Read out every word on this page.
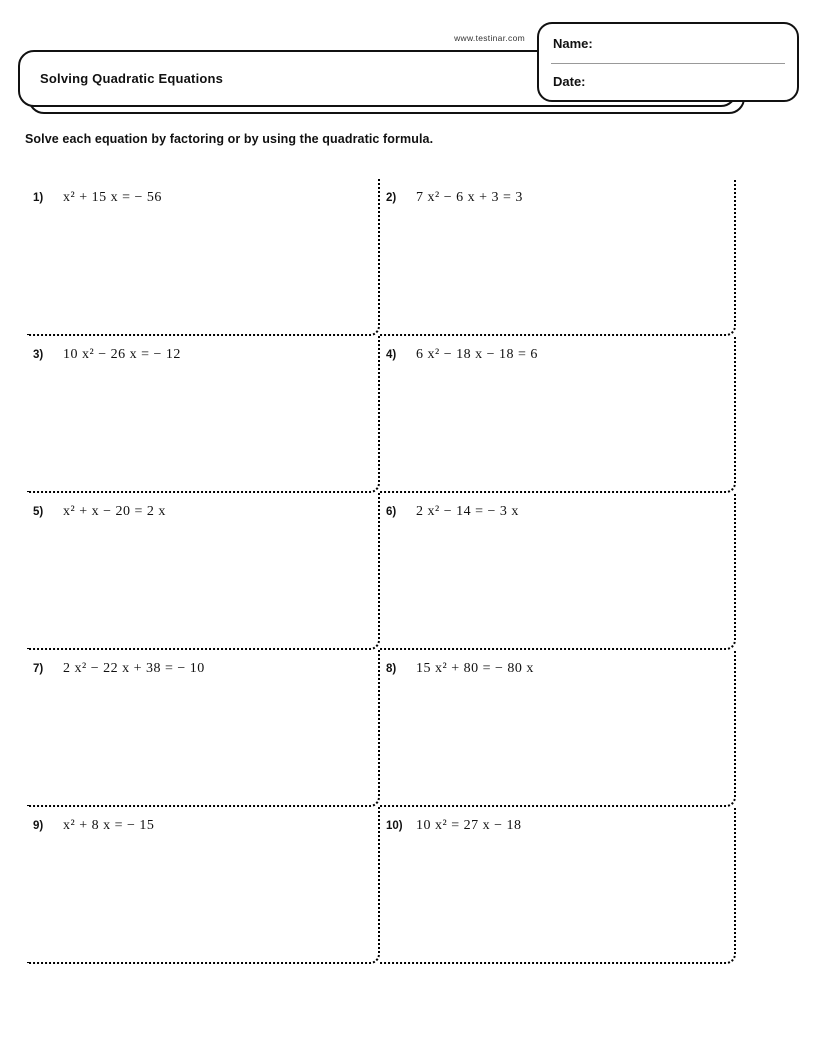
www.testinar.com
Solving Quadratic Equations
Name:
Date:
Solve each equation by factoring or by using the quadratic formula.
1)	x² + 15 x = − 56	2)	7 x² − 6 x + 3 = 3
3)	10 x² − 26 x = − 12	4)	6 x² − 18 x − 18 = 6
5)	x² + x − 20 = 2 x	6)	2 x² − 14 = − 3 x
7)	2 x² − 22 x + 38 = − 10	8)	15 x² + 80 = − 80 x
9)	x² + 8 x = − 15	10) 10 x² = 27 x − 18
